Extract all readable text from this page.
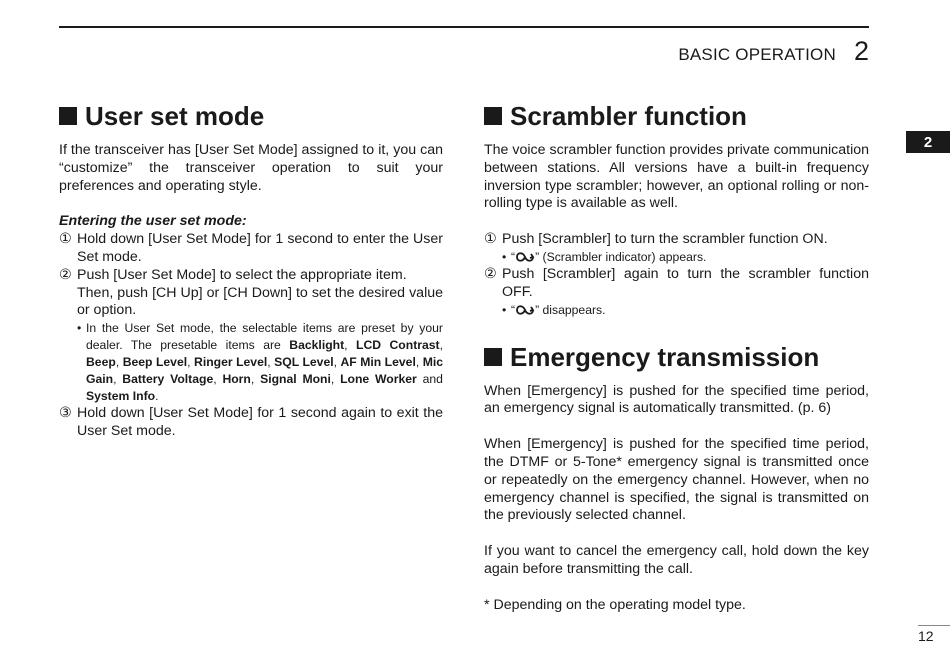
BASIC OPERATION 2
2
User set mode

If the transceiver has [User Set Mode] assigned to it, you can “customize” the transceiver operation to suit your preferences and operating style.

Entering the user set mode:

① Hold down [User Set Mode] for 1 second to enter the User Set mode.
② Push [User Set Mode] to select the appropriate item.

Then, push [CH Up] or [CH Down] to set the desired value or option.

• In the User Set mode, the selectable items are preset by your dealer. The presetable items are Backlight, LCD Contrast, Beep, Beep Level, Ringer Level, SQL Level, AF Min Level, Mic Gain, Battery Voltage, Horn, Signal Moni, Lone Worker and System Info.
③ Hold down [User Set Mode] for 1 second again to exit the User Set mode.
Scrambler function

The voice scrambler function provides private communication between stations. All versions have a built-in frequency inversion type scrambler; however, an optional rolling or non-rolling type is available as well.

① Push [Scrambler] to turn the scrambler function ON.
• “ ” (Scrambler indicator) appears.
② Push [Scrambler] again to turn the scrambler function OFF.
• “ ” disappears.
Emergency transmission

When [Emergency] is pushed for the specified time period, an emergency signal is automatically transmitted. (p. 6)

When [Emergency] is pushed for the specified time period, the DTMF or 5-Tone* emergency signal is transmitted once or repeatedly on the emergency channel. However, when no emergency channel is specified, the signal is transmitted on the previously selected channel.

If you want to cancel the emergency call, hold down the key again before transmitting the call.

* Depending on the operating model type.

12
